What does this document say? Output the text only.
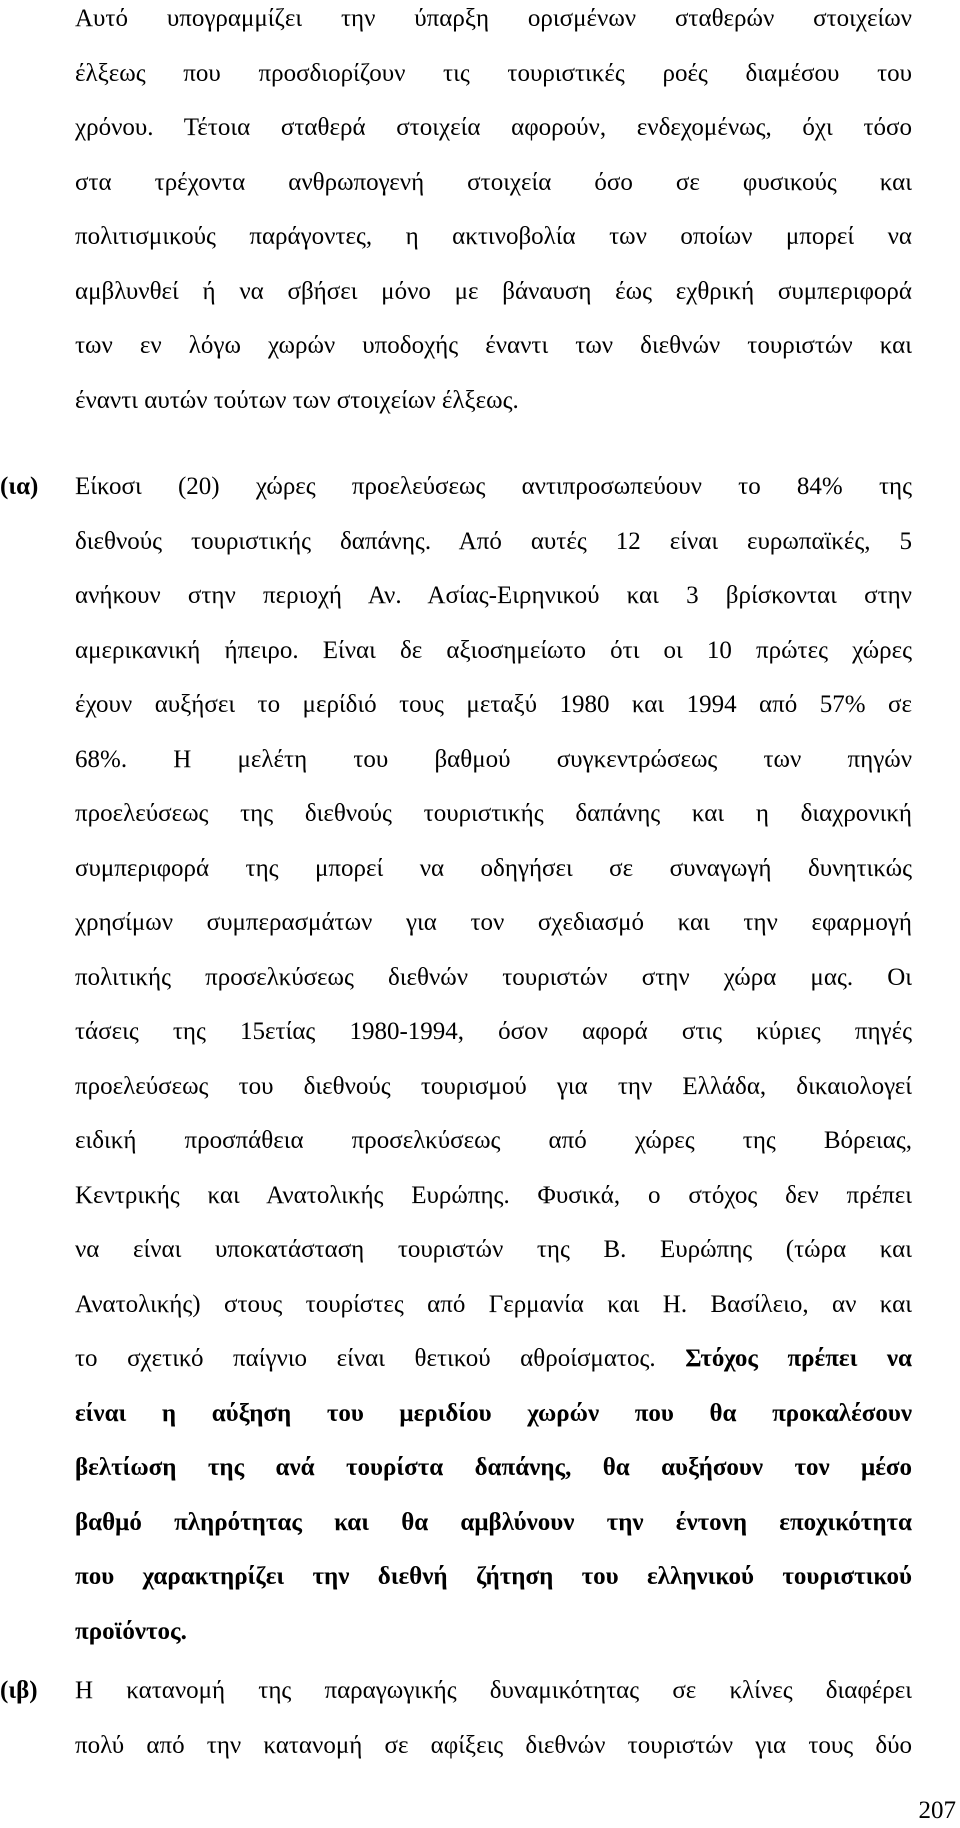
Αυτό υπογραμμίζει την ύπαρξη ορισμένων σταθερών στοιχείων
έλξεως που προσδιορίζουν τις τουριστικές ροές διαμέσου του
χρόνου. Τέτοια σταθερά στοιχεία αφορούν, ενδεχομένως, όχι τόσο
στα τρέχοντα ανθρωπογενή στοιχεία όσο σε φυσικούς και
πολιτισμικούς παράγοντες, η ακτινοβολία των οποίων μπορεί να
αμβλυνθεί ή να σβήσει μόνο με βάναυση έως εχθρική συμπεριφορά
των εν λόγω χωρών υποδοχής έναντι των διεθνών τουριστών και
έναντι αυτών τούτων των στοιχείων έλξεως.
(ια) Είκοσι (20) χώρες προελεύσεως αντιπροσωπεύουν το 84% της
διεθνούς τουριστικής δαπάνης. Από αυτές 12 είναι ευρωπαϊκές, 5
ανήκουν στην περιοχή Αν. Ασίας-Ειρηνικού και 3 βρίσκονται στην
αμερικανική ήπειρο. Είναι δε αξιοσημείωτο ότι οι 10 πρώτες χώρες
έχουν αυξήσει το μερίδιό τους μεταξύ 1980 και 1994 από 57% σε
68%. Η μελέτη του βαθμού συγκεντρώσεως των πηγών
προελεύσεως της διεθνούς τουριστικής δαπάνης και η διαχρονική
συμπεριφορά της μπορεί να οδηγήσει σε συναγωγή δυνητικώς
χρησίμων συμπερασμάτων για τον σχεδιασμό και την εφαρμογή
πολιτικής προσελκύσεως διεθνών τουριστών στην χώρα μας. Οι
τάσεις της 15ετίας 1980-1994, όσον αφορά στις κύριες πηγές
προελεύσεως του διεθνούς τουρισμού για την Ελλάδα, δικαιολογεί
ειδική προσπάθεια προσελκύσεως από χώρες της Βόρειας,
Κεντρικής και Ανατολικής Ευρώπης. Φυσικά, ο στόχος δεν πρέπει
να είναι υποκατάσταση τουριστών της Β. Ευρώπης (τώρα και
Ανατολικής) στους τουρίστες από Γερμανία και Η. Βασίλειο, αν και
το σχετικό παίγνιο είναι θετικού αθροίσματος. Στόχος πρέπει να
είναι η αύξηση του μεριδίου χωρών που θα προκαλέσουν
βελτίωση της ανά τουρίστα δαπάνης, θα αυξήσουν τον μέσο
βαθμό πληρότητας και θα αμβλύνουν την έντονη εποχικότητα
που χαρακτηρίζει την διεθνή ζήτηση του ελληνικού τουριστικού
προϊόντος.
(ιβ) Η κατανομή της παραγωγικής δυναμικότητας σε κλίνες διαφέρει
πολύ από την κατανομή σε αφίξεις διεθνών τουριστών για τους δύο
207
